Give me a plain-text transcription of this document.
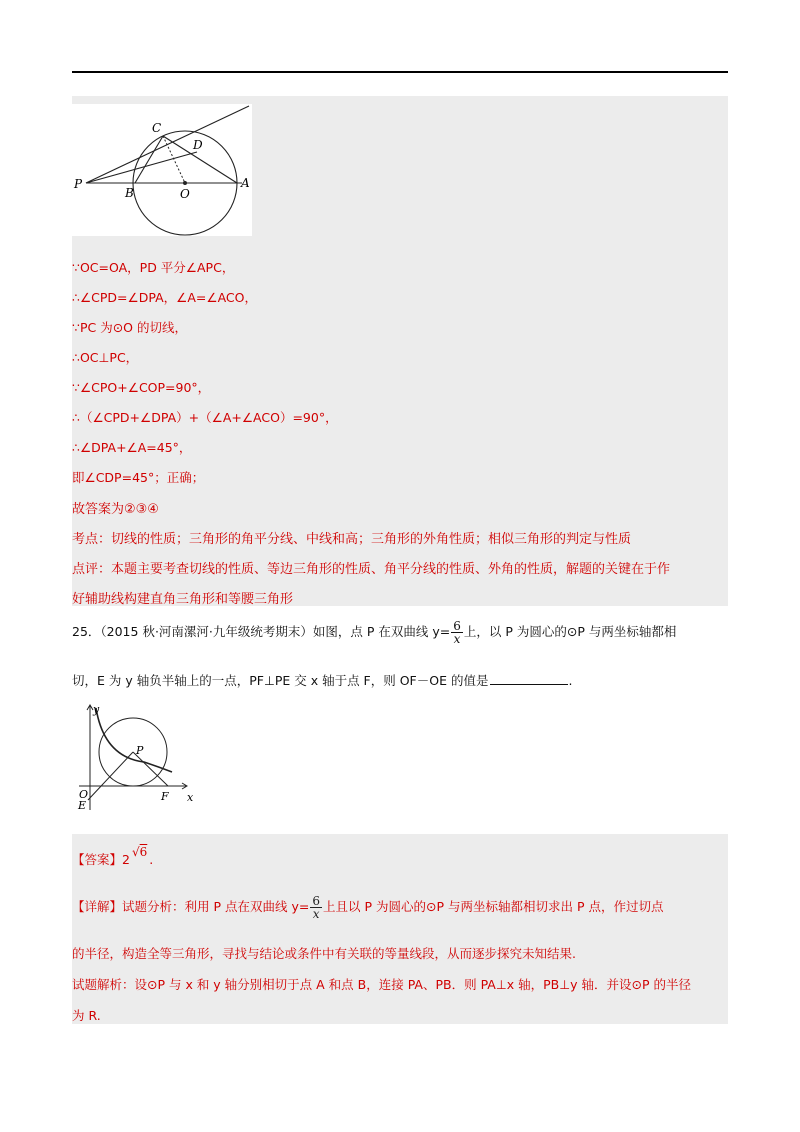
C
D
P
B	O
A
∵OC=OA，PD 平分∠APC，
∴∠CPD=∠DPA，∠A=∠ACO，
∵PC 为⊙O 的切线，
∴OC⊥PC，
∵∠CPO+∠COP=90°，
∴（∠CPD+∠DPA）+（∠A+∠ACO）=90°，
∴∠DPA+∠A=45°，
即∠CDP=45°；正确；
故答案为②③④
考点：切线的性质；三角形的角平分线、中线和高；三角形的外角性质；相似三角形的判定与性质
点评：本题主要考查切线的性质、等边三角形的性质、角平分线的性质、外角的性质，解题的关键在于作
好辅助线构建直角三角形和等腰三角形
25．（2015 秋·河南漯河·九年级统考期末）如图，点 P 在双曲线 $y= \frac{6}{x}$ 上，以 P 为圆心的⊙P 与两坐标轴都相
切，E 为 y 轴负半轴上的一点，PF⊥PE 交 x 轴于点 F，则 OF－OE 的值是	.
y
x
P
O
E
F
【答案】2 √6 .
【详解】试题分析：利用 P 点在双曲线 $y= \frac{6}{x}$ 上且以 P 为圆心的⊙P 与两坐标轴都相切求出 P 点，作过切点
的半径，构造全等三角形，寻找与结论或条件中有关联的等量线段，从而逐步探究未知结果.
试题解析：设⊙P 与 x 和 y 轴分别相切于点 A 和点 B，连接 PA、PB．则 PA⊥x 轴，PB⊥y 轴．并设⊙P 的半径
为 R.
